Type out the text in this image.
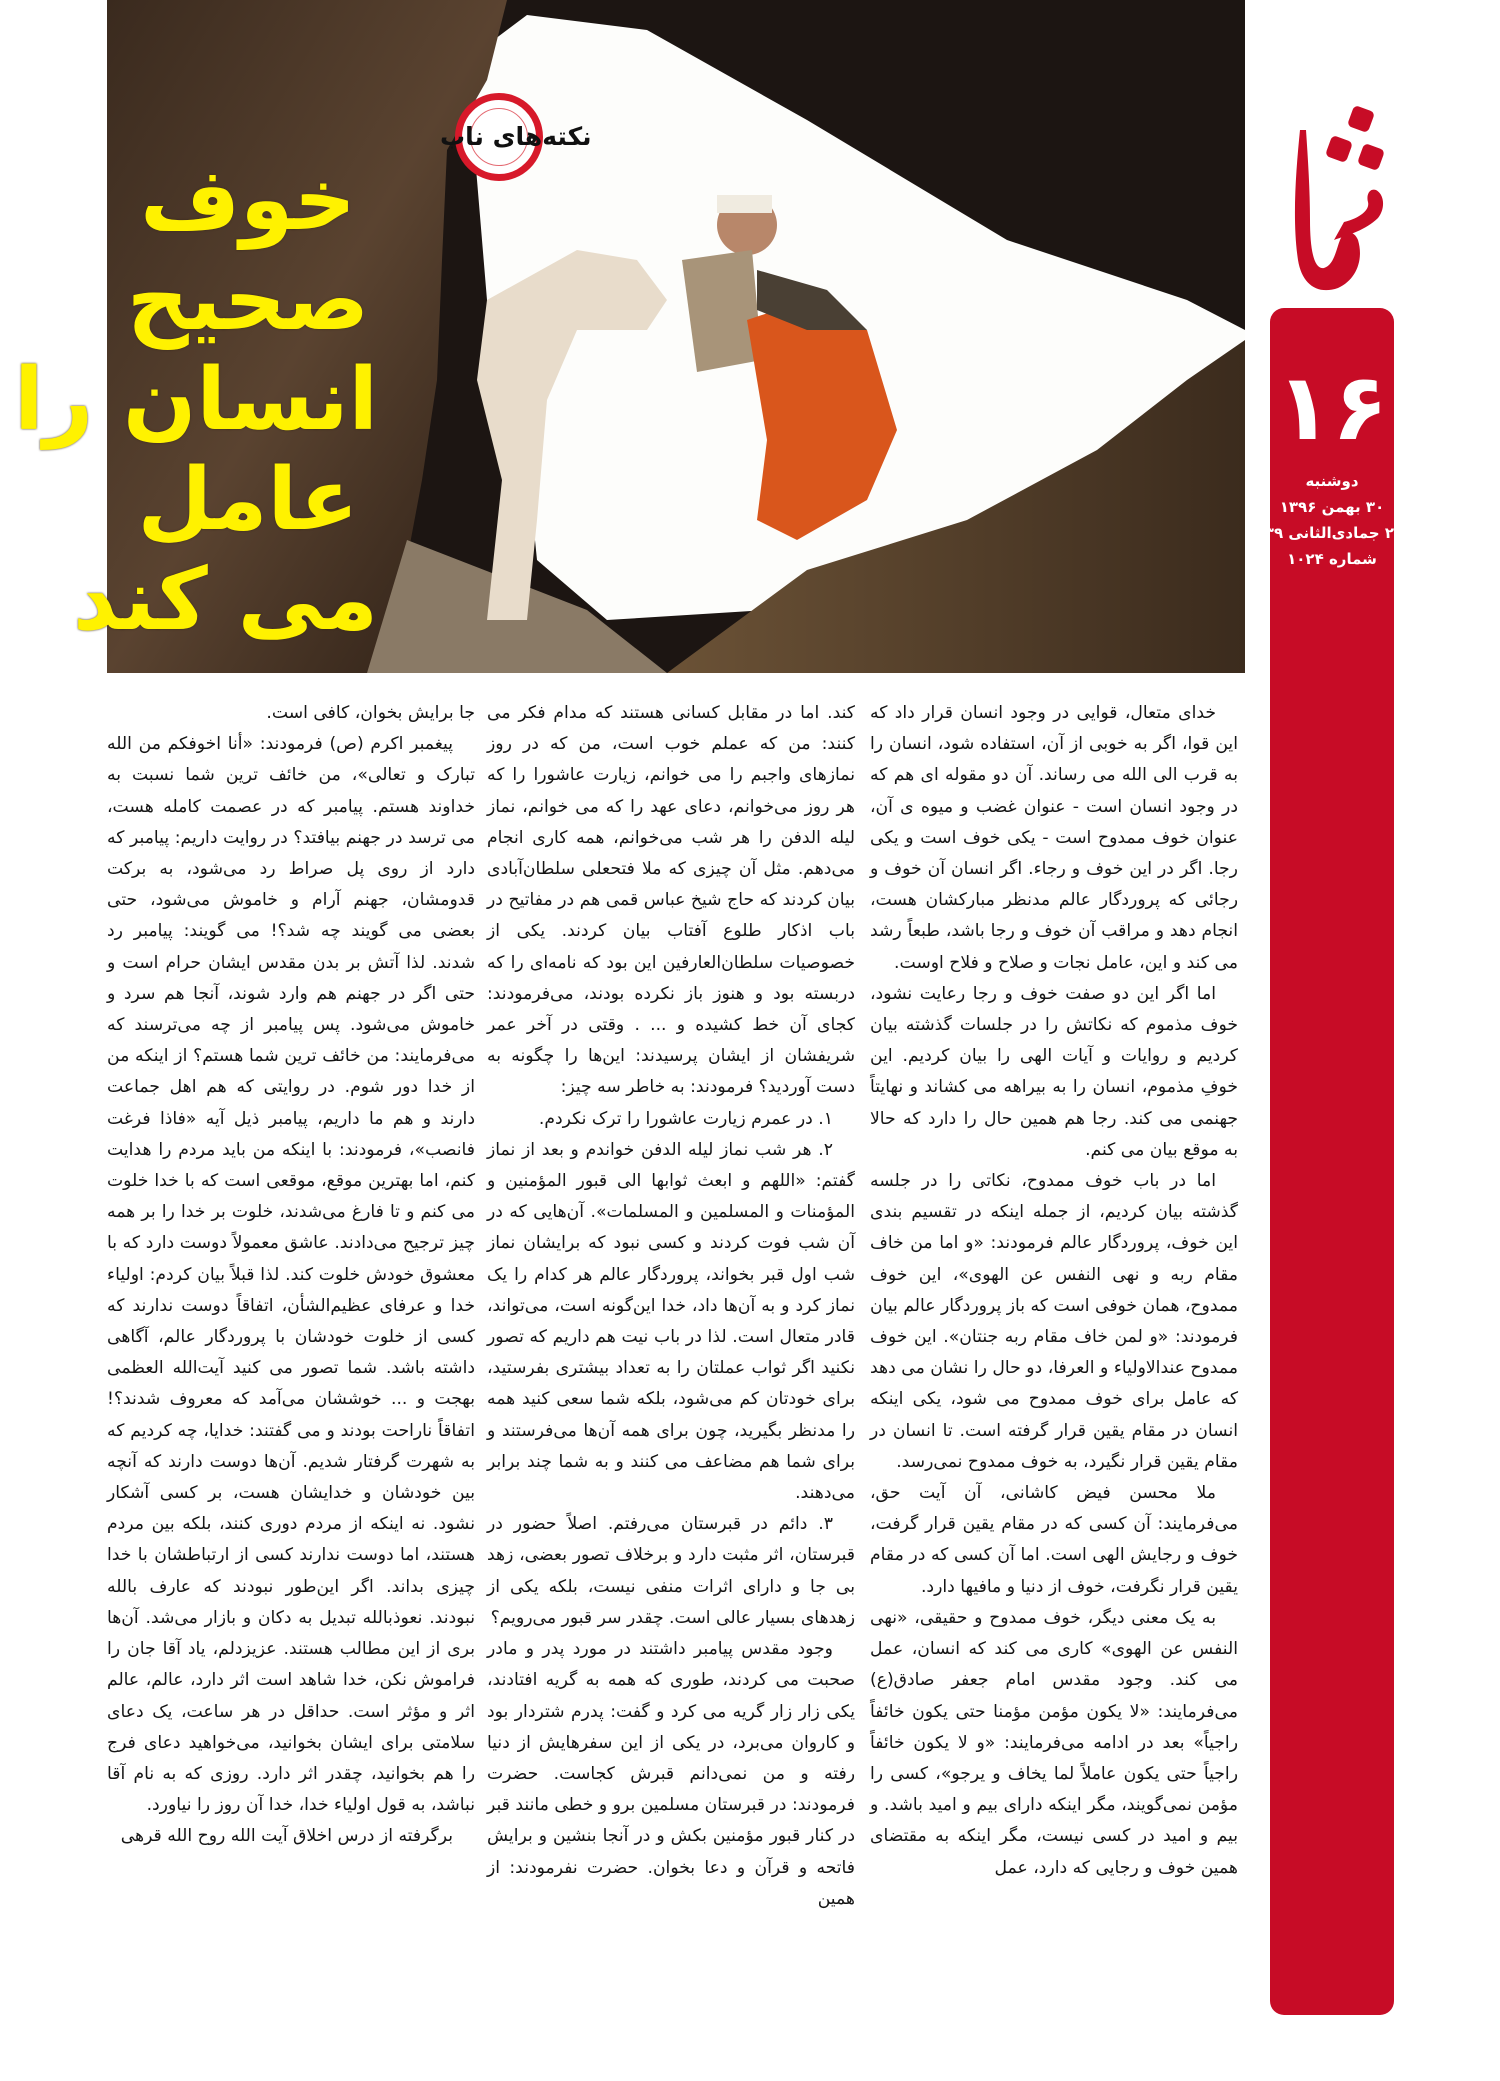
نکته‌های ناب
خوف
صحیح
انسان را
عامل
می کند
۱۶
دوشنبه
۳۰ بهمن ۱۳۹۶
۲ جمادی‌الثانی ۱۴۳۹
شماره ۱۰۲۴

خدای متعال، قوایی در وجود انسان قرار داد که این قوا، اگر به خوبی از آن، استفاده شود، انسان را به قرب الی الله می رساند. آن دو مقوله ای هم که در وجود انسان است - عنوان غضب و میوه ی آن، عنوان خوف ممدوح است - یکی خوف است و یکی رجا. اگر در این خوف و رجاء. اگر انسان آن خوف و رجائی که پروردگار عالم مدنظر مبارکشان هست، انجام دهد و مراقب آن خوف و رجا باشد، طبعاً رشد می کند و این، عامل نجات و صلاح و فلاح اوست.

اما اگر این دو صفت خوف و رجا رعایت نشود، خوف مذموم که نکاتش را در جلسات گذشته بیان کردیم و روایات و آیات الهی را بیان کردیم. این خوفِ مذموم، انسان را به بیراهه می کشاند و نهایتاً جهنمی می کند. رجا هم همین حال را دارد که حالا به موقع بیان می کنم.

اما در باب خوف ممدوح، نکاتی را در جلسه گذشته بیان کردیم، از جمله اینکه در تقسیم بندی این خوف، پروردگار عالم فرمودند: «و اما من خاف مقام ربه و نهی النفس عن الهوی»، این خوف ممدوح، همان خوفی است که باز پروردگار عالم بیان فرمودند: «و لمن خاف مقام ربه جنتان». این خوف ممدوح عندالاولیاء و العرفا، دو حال را نشان می دهد که عامل برای خوف ممدوح می شود، یکی اینکه انسان در مقام یقین قرار گرفته است. تا انسان در مقام یقین قرار نگیرد، به خوف ممدوح نمی‌رسد.

ملا محسن فیض کاشانی، آن آیت حق، می‌فرمایند: آن کسی که در مقام یقین قرار گرفت، خوف و رجایش الهی است. اما آن کسی که در مقام یقین قرار نگرفت، خوف از دنیا و مافیها دارد.

به یک معنی دیگر، خوف ممدوح و حقیقی، «نهی النفس عن الهوی» کاری می کند که انسان، عمل می کند. وجود مقدس امام جعفر صادق(ع) می‌فرمایند: «لا یکون مؤمن مؤمنا حتی یکون خائفاً راجیاً» بعد در ادامه می‌فرمایند: «و لا یکون خائفاً راجیاً حتی یکون عاملاً لما یخاف و یرجو»، کسی را مؤمن نمی‌گویند، مگر اینکه دارای بیم و امید باشد. و بیم و امید در کسی نیست، مگر اینکه به مقتضای همین خوف و رجایی که دارد، عمل

کند. اما در مقابل کسانی هستند که مدام فکر می کنند: من که عملم خوب است، من که در روز نمازهای واجبم را می خوانم، زیارت عاشورا را که هر روز می‌خوانم، دعای عهد را که می خوانم، نماز لیله الدفن را هر شب می‌خوانم، همه کاری انجام می‌دهم. مثل آن چیزی که ملا فتحعلی سلطان‌آبادی بیان کردند که حاج شیخ عباس قمی هم در مفاتیح در باب اذکار طلوع آفتاب بیان کردند. یکی از خصوصیات سلطان‌العارفین این بود که نامه‌ای را که دربسته بود و هنوز باز نکرده بودند، می‌فرمودند: کجای آن خط کشیده و ... . وقتی در آخر عمر شریفشان از ایشان پرسیدند: این‌ها را چگونه به دست آوردید؟ فرمودند: به خاطر سه چیز:

۱. در عمرم زیارت عاشورا را ترک نکردم.

۲. هر شب نماز لیله الدفن خواندم و بعد از نماز گفتم: «اللهم و ابعث ثوابها الی قبور المؤمنین و المؤمنات و المسلمین و المسلمات». آن‌هایی که در آن شب فوت کردند و کسی نبود که برایشان نماز شب اول قبر بخواند، پروردگار عالم هر کدام را یک نماز کرد و به آن‌ها داد، خدا این‌گونه است، می‌تواند، قادر متعال است. لذا در باب نیت هم داریم که تصور نکنید اگر ثواب عملتان را به تعداد بیشتری بفرستید، برای خودتان کم می‌شود، بلکه شما سعی کنید همه را مدنظر بگیرید، چون برای همه آن‌ها می‌فرستند و برای شما هم مضاعف می کنند و به شما چند برابر می‌دهند.

۳. دائم در قبرستان می‌رفتم. اصلاً حضور در قبرستان، اثر مثبت دارد و برخلاف تصور بعضی، زهد بی جا و دارای اثرات منفی نیست، بلکه یکی از زهدهای بسیار عالی است. چقدر سر قبور می‌رویم؟

وجود مقدس پیامبر داشتند در مورد پدر و مادر صحبت می کردند، طوری که همه به گریه افتادند، یکی زار زار گریه می کرد و گفت: پدرم شتردار بود و کاروان می‌برد، در یکی از این سفرهایش از دنیا رفته و من نمی‌دانم قبرش کجاست. حضرت فرمودند: در قبرستان مسلمین برو و خطی مانند قبر در کنار قبور مؤمنین بکش و در آنجا بنشین و برایش فاتحه و قرآن و دعا بخوان. حضرت نفرمودند: از همین

جا برایش بخوان، کافی است.

پیغمبر اکرم (ص) فرمودند: «أنا اخوفکم من الله تبارک و تعالی»، من خائف ترین شما نسبت به خداوند هستم. پیامبر که در عصمت کامله هست، می ترسد در جهنم بیافتد؟ در روایت داریم: پیامبر که دارد از روی پل صراط رد می‌شود، به برکت قدومشان، جهنم آرام و خاموش می‌شود، حتی بعضی می گویند چه شد؟! می گویند: پیامبر رد شدند. لذا آتش بر بدن مقدس ایشان حرام است و حتی اگر در جهنم هم وارد شوند، آنجا هم سرد و خاموش می‌شود. پس پیامبر از چه می‌ترسند که می‌فرمایند: من خائف ترین شما هستم؟ از اینکه من از خدا دور شوم. در روایتی که هم اهل جماعت دارند و هم ما داریم، پیامبر ذیل آیه «فاذا فرغت فانصب»، فرمودند: با اینکه من باید مردم را هدایت کنم، اما بهترین موقع، موقعی است که با خدا خلوت می کنم و تا فارغ می‌شدند، خلوت بر خدا را بر همه چیز ترجیح می‌دادند. عاشق معمولاً دوست دارد که با معشوق خودش خلوت کند. لذا قبلاً بیان کردم: اولیاء خدا و عرفای عظیم‌الشأن، اتفاقاً دوست ندارند که کسی از خلوت خودشان با پروردگار عالم، آگاهی داشته باشد. شما تصور می کنید آیت‌الله العظمی بهجت و ... خوششان می‌آمد که معروف شدند؟! اتفاقاً ناراحت بودند و می گفتند: خدایا، چه کردیم که به شهرت گرفتار شدیم. آن‌ها دوست دارند که آنچه بین خودشان و خدایشان هست، بر کسی آشکار نشود. نه اینکه از مردم دوری کنند، بلکه بین مردم هستند، اما دوست ندارند کسی از ارتباطشان با خدا چیزی بداند. اگر این‌طور نبودند که عارف بالله نبودند. نعوذبالله تبدیل به دکان و بازار می‌شد. آن‌ها بری از این مطالب هستند. عزیزدلم، یاد آقا جان را فراموش نکن، خدا شاهد است اثر دارد، عالم، عالم اثر و مؤثر است. حداقل در هر ساعت، یک دعای سلامتی برای ایشان بخوانید، می‌خواهید دعای فرج را هم بخوانید، چقدر اثر دارد. روزی که به نام آقا نباشد، به قول اولیاء خدا، خدا آن روز را نیاورد.

برگرفته از درس اخلاق آیت الله روح الله قرهی
